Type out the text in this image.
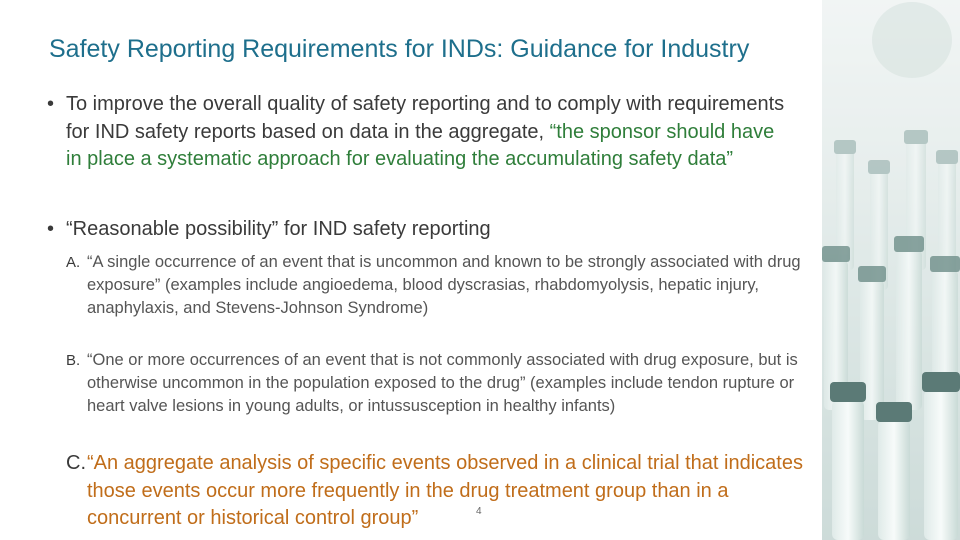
Safety Reporting Requirements for INDs: Guidance for Industry
• To improve the overall quality of safety reporting and to comply with requirements for IND safety reports based on data in the aggregate, “the sponsor should have in place a systematic approach for evaluating the accumulating safety data”
• “Reasonable possibility” for IND safety reporting
A. “A single occurrence of an event that is uncommon and known to be strongly associated with drug exposure” (examples include angioedema, blood dyscrasias, rhabdomyolysis, hepatic injury, anaphylaxis, and Stevens-Johnson Syndrome)
B. “One or more occurrences of an event that is not commonly associated with drug exposure, but is otherwise uncommon in the population exposed to the drug” (examples include tendon rupture or heart valve lesions in young adults, or intussusception in healthy infants)
C.“An aggregate analysis of specific events observed in a clinical trial that indicates those events occur more frequently in the drug treatment group than in a concurrent or historical control group”	4
